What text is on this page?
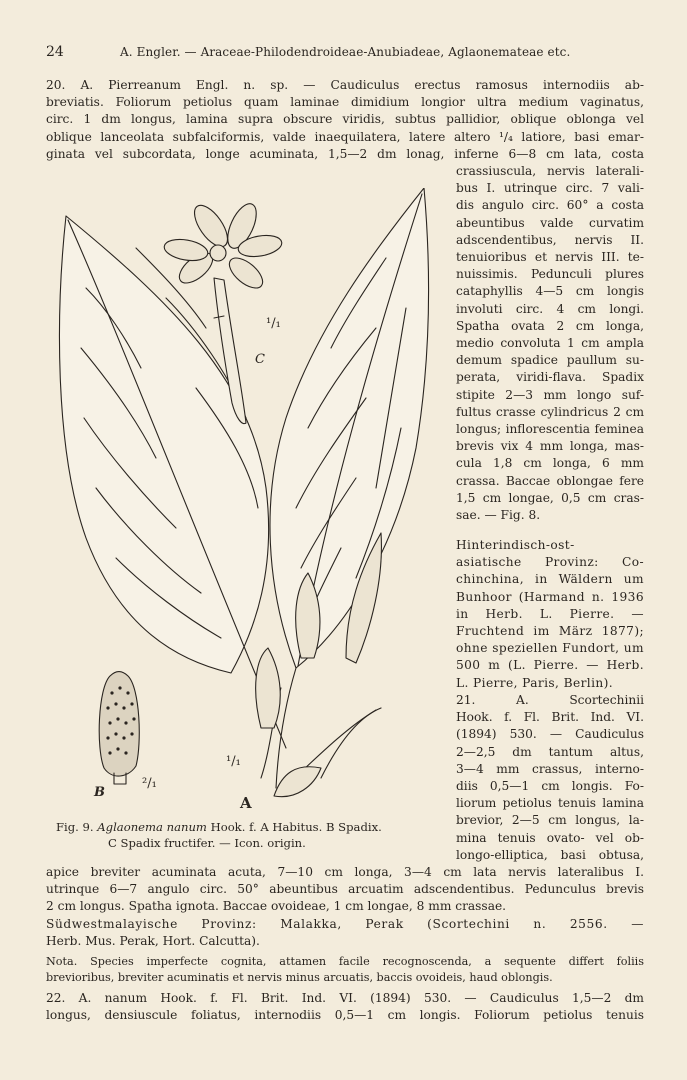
24	A. Engler. — Araceae-Philodendroideae-Anubiadeae, Aglaonemateae etc.
20. A. Pierreanum Engl. n. sp. — Caudiculus erectus ramosus internodiis ab-
breviatis. Foliorum petiolus quam laminae dimidium longior ultra medium vaginatus,
circ. 1 dm longus, lamina supra obscure viridis, subtus pallidior, oblique oblonga vel
oblique lanceolata subfalciformis, valde inaequilatera, latere altero ¹/₄ latiore, basi emar-
ginata vel subcordata, longe acuminata, 1,5—2 dm lonag, inferne 6—8 cm lata, costa
crassiuscula, nervis laterali-
bus I. utrinque circ. 7 vali-
dis angulo circ. 60° a costa
abeuntibus valde curvatim
adscendentibus, nervis II.
tenuioribus et nervis III. te-
nuissimis. Pedunculi plures
cataphyllis 4—5 cm longis
involuti circ. 4 cm longi.
Spatha ovata 2 cm longa,
medio convoluta 1 cm ampla
demum spadice paullum su-
perata, viridi-flava. Spadix
stipite 2—3 mm longo suf-
fultus crasse cylindricus 2 cm
longus; inflorescentia feminea
brevis vix 4 mm longa, mas-
cula 1,8 cm longa, 6 mm
crassa. Baccae oblongae fere
1,5 cm longae, 0,5 cm cras-
sae. — Fig. 8.
Hinterindisch-ost-
asiatische Provinz: Co-
chinchina, in Wäldern um
Bunhoor (Harmand n. 1936
in Herb. L. Pierre. —
Fruchtend im März 1877);
ohne speziellen Fundort, um
500 m (L. Pierre. — Herb.
L. Pierre, Paris, Berlin).
21. A. Scortechinii
Hook. f. Fl. Brit. Ind. VI.
(1894) 530. — Caudiculus
2—2,5 dm tantum altus,
3—4 mm crassus, interno-
diis 0,5—1 cm longis. Fo-
liorum petiolus tenuis lamina
brevior, 2—5 cm longus, la-
mina tenuis ovato- vel ob-
longo-elliptica, basi obtusa,
C
¹/₁
B
²/₁
A
¹/₁
Fig. 9. Aglaonema nanum Hook. f. A Habitus. B Spadix.
C Spadix fructifer. — Icon. origin.
apice breviter acuminata acuta, 7—10 cm longa, 3—4 cm lata nervis lateralibus I.
utrinque 6—7 angulo circ. 50° abeuntibus arcuatim adscendentibus. Pedunculus brevis
2 cm longus. Spatha ignota. Baccae ovoideae, 1 cm longae, 8 mm crassae.
Südwestmalayische Provinz: Malakka, Perak (Scortechini n. 2556. —
Herb. Mus. Perak, Hort. Calcutta).
Nota. Species imperfecte cognita, attamen facile recognoscenda, a sequente differt foliis
brevioribus, breviter acuminatis et nervis minus arcuatis, baccis ovoideis, haud oblongis.
22. A. nanum Hook. f. Fl. Brit. Ind. VI. (1894) 530. — Caudiculus 1,5—2 dm
longus, densiuscule foliatus, internodiis 0,5—1 cm longis. Foliorum petiolus tenuis
